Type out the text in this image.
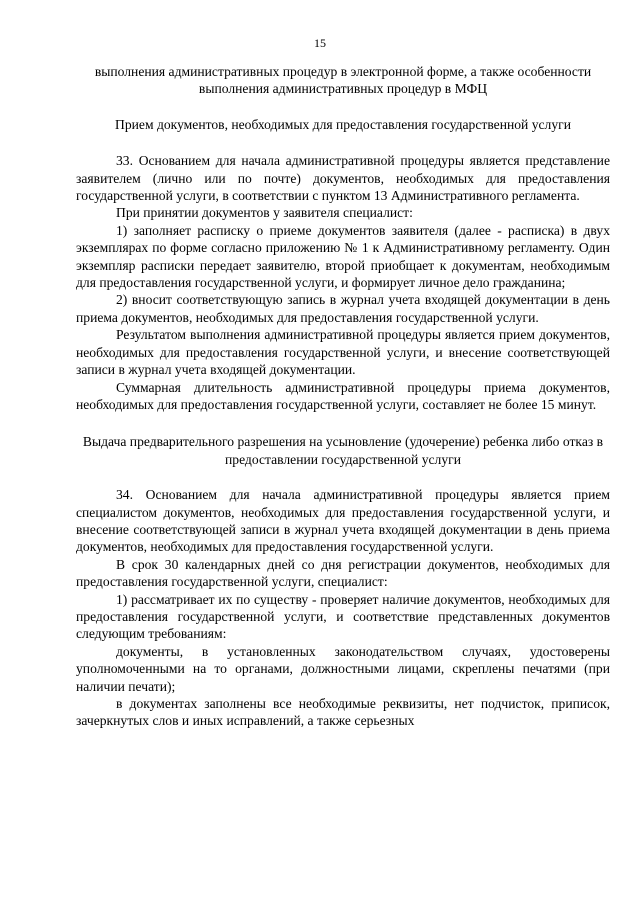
15
выполнения административных процедур в электронной форме, а также особенности выполнения административных процедур в МФЦ
Прием документов, необходимых для предоставления государственной услуги

33. Основанием для начала административной процедуры является представление заявителем (лично или по почте) документов, необходимых для предоставления государственной услуги, в соответствии с пунктом 13 Административного регламента.

При принятии документов у заявителя специалист:

1) заполняет расписку о приеме документов заявителя (далее - расписка) в двух экземплярах по форме согласно приложению № 1 к Административному регламенту. Один экземпляр расписки передает заявителю, второй приобщает к документам, необходимым для предоставления государственной услуги, и формирует личное дело гражданина;

2) вносит соответствующую запись в журнал учета входящей документации в день приема документов, необходимых для предоставления государственной услуги.

Результатом выполнения административной процедуры является прием документов, необходимых для предоставления государственной услуги, и внесение соответствующей записи в журнал учета входящей документации.

Суммарная длительность административной процедуры приема документов, необходимых для предоставления государственной услуги, составляет не более 15 минут.

Выдача предварительного разрешения на усыновление (удочерение) ребенка либо отказ в предоставлении государственной услуги

34. Основанием для начала административной процедуры является прием специалистом документов, необходимых для предоставления государственной услуги, и внесение соответствующей записи в журнал учета входящей документации в день приема документов, необходимых для предоставления государственной услуги.

В срок 30 календарных дней со дня регистрации документов, необходимых для предоставления государственной услуги, специалист:

1) рассматривает их по существу - проверяет наличие документов, необходимых для предоставления государственной услуги, и соответствие представленных документов следующим требованиям:

документы, в установленных законодательством случаях, удостоверены уполномоченными на то органами, должностными лицами, скреплены печатями (при наличии печати);

в документах заполнены все необходимые реквизиты, нет подчисток, приписок, зачеркнутых слов и иных исправлений, а также серьезных
